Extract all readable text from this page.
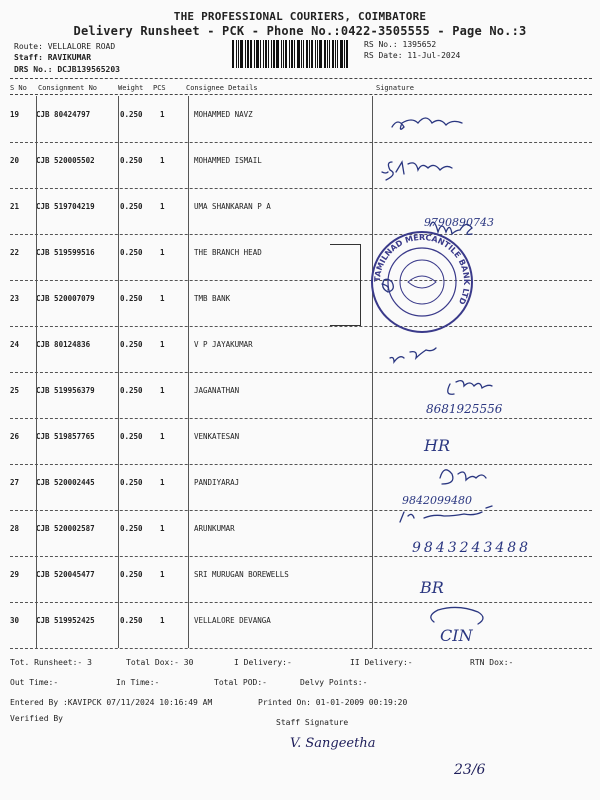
THE PROFESSIONAL COURIERS, COIMBATORE
Delivery Runsheet - PCK - Phone No.:0422-3505555 - Page No.:3
Route: VELLALORE ROAD
Staff: RAVIKUMAR
DRS No.: DCJB139565203
RS No.: 1395652
RS Date: 11-Jul-2024
S No Consignment No	Weight PCS	Consignee Details	Signature
19 CJB 80424797	0.250 1	MOHAMMED NAVZ
20 CJB 520005502	0.250 1	MOHAMMED ISMAIL
21 CJB 519704219	0.250 1	UMA SHANKARAN P A
22 CJB 519599516	0.250 1	THE BRANCH HEAD
23 CJB 520007079	0.250 1	TMB BANK
24 CJB 80124836	0.250 1	V P JAYAKUMAR
25 CJB 519956379	0.250 1	JAGANATHAN
26 CJB 519857765	0.250 1	VENKATESAN
27 CJB 520002445	0.250 1	PANDIYARAJ
28 CJB 520002587	0.250 1	ARUNKUMAR
29 CJB 520045477	0.250 1	SRI MURUGAN BOREWELLS
30 CJB 519952425	0.250 1	VELLALORE DEVANGA
TAMILNAD MERCANTILE BANK LTD
9790890743
8681925556
9842099480
9843243488
HR
BR
CIN
Tot. Runsheet:- 3	Total Dox:- 30	I Delivery:-	II Delivery:-	RTN Dox:-
Out Time:-	In Time:-	Total POD:-	Delvy Points:-
Entered By :KAVIPCK 07/11/2024 10:16:49 AM	Printed On: 01-01-2009 00:19:20
Verified By	Staff Signature
V. Sangeetha
23/6
